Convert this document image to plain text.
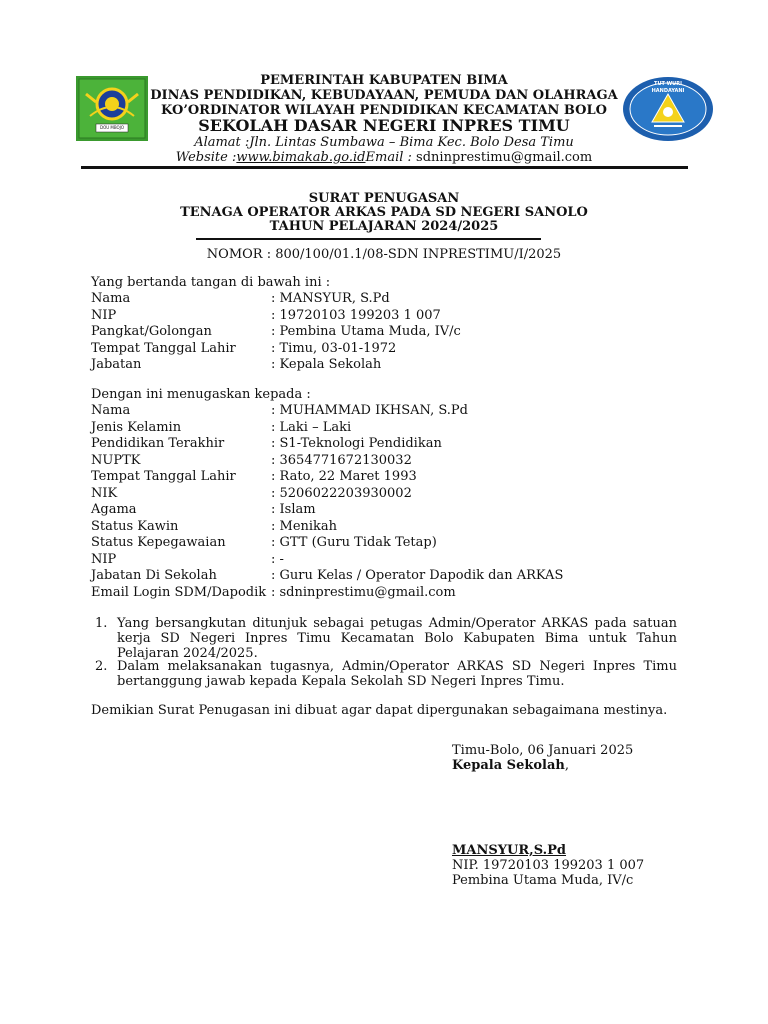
DOU MBOJO
TUT WURI HANDAYANI
PEMERINTAH KABUPATEN BIMA
DINAS PENDIDIKAN, KEBUDAYAAN, PEMUDA DAN OLAHRAGA
KO’ORDINATOR WILAYAH PENDIDIKAN KECAMATAN BOLO
SEKOLAH DASAR NEGERI INPRES TIMU
Alamat :Jln. Lintas Sumbawa – Bima Kec. Bolo Desa Timu
Website :www.bimakab.go.idEmail : sdninprestimu@gmail.com
SURAT PENUGASAN
TENAGA OPERATOR ARKAS PADA SD NEGERI SANOLO
TAHUN PELAJARAN 2024/2025
NOMOR : 800/100/01.1/08-SDN INPRESTIMU/I/2025
Yang bertanda tangan di bawah ini :
Nama	: MANSYUR, S.Pd
NIP	: 19720103 199203 1 007
Pangkat/Golongan	: Pembina Utama Muda, IV/c
Tempat Tanggal Lahir	: Timu, 03-01-1972
Jabatan	: Kepala Sekolah
Dengan ini menugaskan kepada :
Nama	: MUHAMMAD IKHSAN, S.Pd
Jenis Kelamin	: Laki – Laki
Pendidikan Terakhir	: S1-Teknologi Pendidikan
NUPTK	: 3654771672130032
Tempat Tanggal Lahir	: Rato, 22 Maret 1993
NIK	: 5206022203930002
Agama	: Islam
Status Kawin	: Menikah
Status Kepegawaian	: GTT (Guru Tidak Tetap)
NIP	: -
Jabatan Di Sekolah	: Guru Kelas / Operator Dapodik dan ARKAS
Email Login SDM/Dapodik : sdninprestimu@gmail.com
1. Yang bersangkutan ditunjuk sebagai petugas Admin/Operator ARKAS pada satuan kerja SD Negeri Inpres Timu Kecamatan Bolo Kabupaten Bima untuk Tahun Pelajaran 2024/2025.
2. Dalam melaksanakan tugasnya, Admin/Operator ARKAS SD Negeri Inpres Timu bertanggung jawab kepada Kepala Sekolah SD Negeri Inpres Timu.
Demikian Surat Penugasan ini dibuat agar dapat dipergunakan sebagaimana mestinya.
Timu-Bolo, 06 Januari 2025
Kepala Sekolah,
MANSYUR,S.Pd
NIP. 19720103 199203 1 007
Pembina Utama Muda, IV/c
